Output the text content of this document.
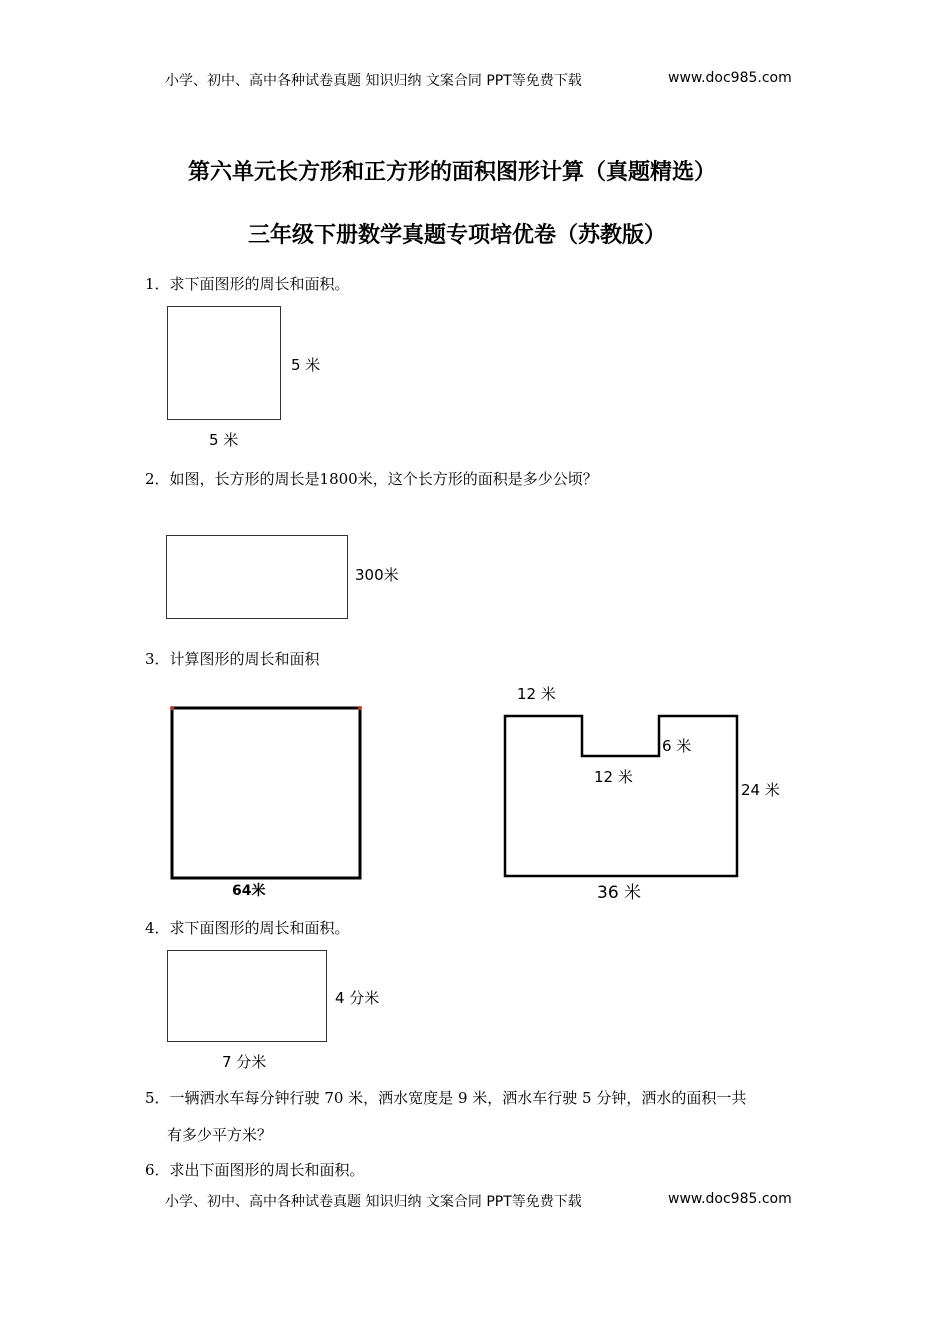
小学、初中、高中各种试卷真题 知识归纳 文案合同 PPT等免费下载	www.doc985.com
第六单元长方形和正方形的面积图形计算（真题精选）
三年级下册数学真题专项培优卷（苏教版）
1．求下面图形的周长和面积。
5 米
5 米
2．如图，长方形的周长是1800米，这个长方形的面积是多少公顷？
300米
3．计算图形的周长和面积
64米
12 米
6 米
12 米
24 米
36 米
4．求下面图形的周长和面积。
4 分米
7 分米
5．一辆洒水车每分钟行驶 70 米，洒水宽度是 9 米，洒水车行驶 5 分钟，洒水的面积一共
有多少平方米？
6．求出下面图形的周长和面积。
小学、初中、高中各种试卷真题 知识归纳 文案合同 PPT等免费下载	www.doc985.com
